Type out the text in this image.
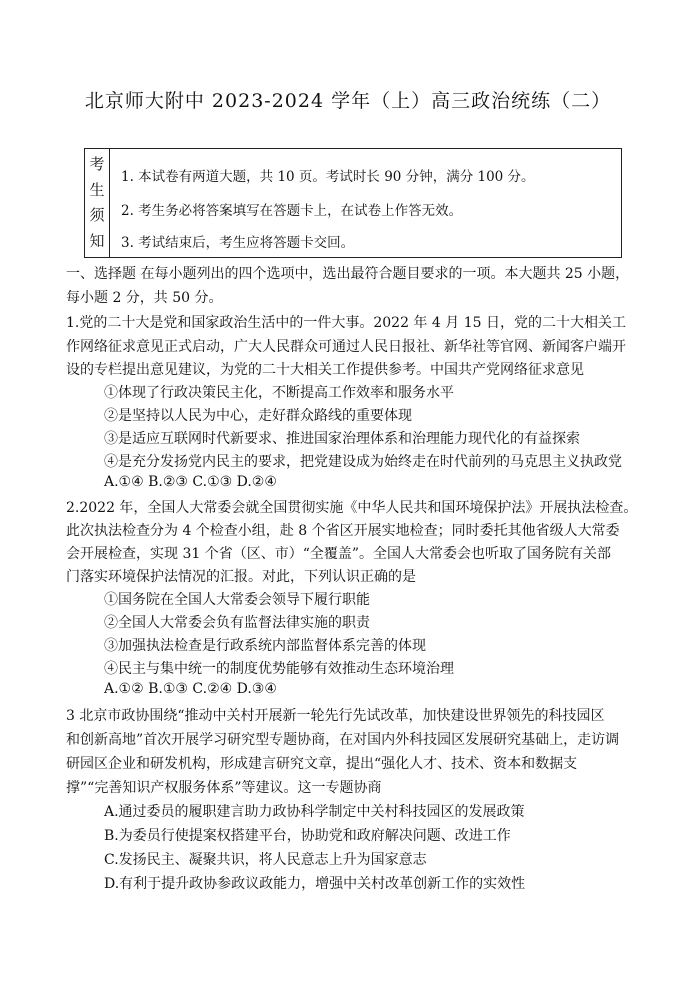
北京师大附中 2023-2024 学年（上）高三政治统练（二）
考
生
须
知
1. 本试卷有两道大题，共 10 页。考试时长 90 分钟，满分 100 分。
2. 考生务必将答案填写在答题卡上，在试卷上作答无效。
3. 考试结束后，考生应将答题卡交回。
一、选择题 在每小题列出的四个选项中，选出最符合题目要求的一项。本大题共 25 小题，
每小题 2 分，共 50 分。
1.党的二十大是党和国家政治生活中的一件大事。2022 年 4 月 15 日，党的二十大相关工
作网络征求意见正式启动，广大人民群众可通过人民日报社、新华社等官网、新闻客户端开
设的专栏提出意见建议，为党的二十大相关工作提供参考。中国共产党网络征求意见
①体现了行政决策民主化，不断提高工作效率和服务水平
②是坚持以人民为中心，走好群众路线的重要体现
③是适应互联网时代新要求、推进国家治理体系和治理能力现代化的有益探索
④是充分发扬党内民主的要求，把党建设成为始终走在时代前列的马克思主义执政党
A.①④ B.②③ C.①③ D.②④
2.2022 年，全国人大常委会就全国贯彻实施《中华人民共和国环境保护法》开展执法检查。
此次执法检查分为 4 个检查小组，赴 8 个省区开展实地检查；同时委托其他省级人大常委
会开展检查，实现 31 个省（区、市）“全覆盖”。全国人大常委会也听取了国务院有关部
门落实环境保护法情况的汇报。对此，下列认识正确的是
①国务院在全国人大常委会领导下履行职能
②全国人大常委会负有监督法律实施的职责
③加强执法检查是行政系统内部监督体系完善的体现
④民主与集中统一的制度优势能够有效推动生态环境治理
A.①② B.①③ C.②④ D.③④
3 北京市政协围绕“推动中关村开展新一轮先行先试改革，加快建设世界领先的科技园区
和创新高地”首次开展学习研究型专题协商，在对国内外科技园区发展研究基础上，走访调
研园区企业和研发机构，形成建言研究文章，提出“强化人才、技术、资本和数据支
撑”“完善知识产权服务体系”等建议。这一专题协商
A.通过委员的履职建言助力政协科学制定中关村科技园区的发展政策
B.为委员行使提案权搭建平台，协助党和政府解决问题、改进工作
C.发扬民主、凝聚共识，将人民意志上升为国家意志
D.有利于提升政协参政议政能力，增强中关村改革创新工作的实效性
